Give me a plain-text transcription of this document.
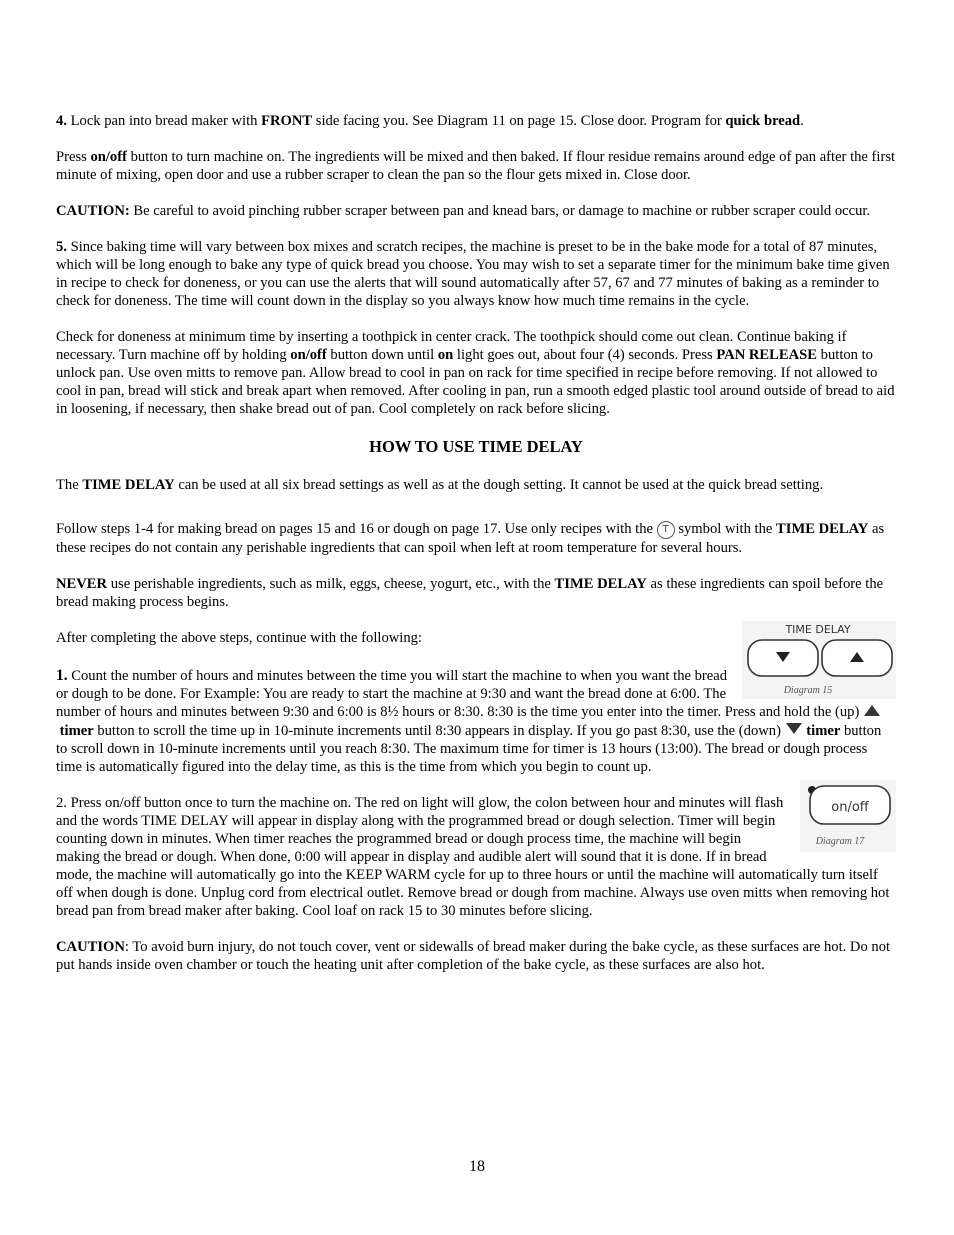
4. Lock pan into bread maker with FRONT side facing you. See Diagram 11 on page 15. Close door. Program for quick bread.

Press on/off button to turn machine on. The ingredients will be mixed and then baked. If flour residue remains around edge of pan after the first minute of mixing, open door and use a rubber scraper to clean the pan so the flour gets mixed in. Close door.

CAUTION: Be careful to avoid pinching rubber scraper between pan and knead bars, or damage to machine or rubber scraper could occur.

5. Since baking time will vary between box mixes and scratch recipes, the machine is preset to be in the bake mode for a total of 87 minutes, which will be long enough to bake any type of quick bread you choose. You may wish to set a separate timer for the minimum bake time given in recipe to check for doneness, or you can use the alerts that will sound automatically after 57, 67 and 77 minutes of baking as a reminder to check for doneness. The time will count down in the display so you always know how much time remains in the cycle.

Check for doneness at minimum time by inserting a toothpick in center crack. The toothpick should come out clean. Continue baking if necessary. Turn machine off by holding on/off button down until on light goes out, about four (4) seconds. Press PAN RELEASE button to unlock pan. Use oven mitts to remove pan. Allow bread to cool in pan on rack for time specified in recipe before removing. If not allowed to cool in pan, bread will stick and break apart when removed. After cooling in pan, run a smooth edged plastic tool around outside of bread to aid in loosening, if necessary, then shake bread out of pan. Cool completely on rack before slicing.

HOW TO USE TIME DELAY

The TIME DELAY can be used at all six bread settings as well as at the dough setting. It cannot be used at the quick bread setting.

Follow steps 1-4 for making bread on pages 15 and 16 or dough on page 17. Use only recipes with the T symbol with the TIME DELAY as these recipes do not contain any perishable ingredients that can spoil when left at room temperature for several hours.

NEVER use perishable ingredients, such as milk, eggs, cheese, yogurt, etc., with the TIME DELAY as these ingredients can spoil before the bread making process begins.

TIME DELAY
Diagram 15

After completing the above steps, continue with the following:

1. Count the number of hours and minutes between the time you will start the machine to when you want the bread or dough to be done. For Example: You are ready to start the machine at 9:30 and want the bread done at 6:00. The number of hours and minutes between 9:30 and 6:00 is 8½ hours or 8:30. 8:30 is the time you enter into the timer. Press and hold the (up)  timer button to scroll the time up in 10-minute increments until 8:30 appears in display. If you go past 8:30, use the (down)  timer button to scroll down in 10-minute increments until you reach 8:30. The maximum time for timer is 13 hours (13:00). The bread or dough process time is automatically figured into the delay time, as this is the time from which you begin to count up.

on/off
Diagram 17

2. Press on/off button once to turn the machine on. The red on light will glow, the colon between hour and minutes will flash and the words TIME DELAY will appear in display along with the programmed bread or dough selection. Timer will begin counting down in minutes. When timer reaches the programmed bread or dough process time, the machine will begin making the bread or dough. When done, 0:00 will appear in display and audible alert will sound that it is done. If in bread mode, the machine will automatically go into the KEEP WARM cycle for up to three hours or until the machine will automatically turn itself off when dough is done. Unplug cord from electrical outlet. Remove bread or dough from machine. Always use oven mitts when removing hot bread pan from bread maker after baking. Cool loaf on rack 15 to 30 minutes before slicing.

CAUTION: To avoid burn injury, do not touch cover, vent or sidewalls of bread maker during the bake cycle, as these surfaces are hot. Do not put hands inside oven chamber or touch the heating unit after completion of the bake cycle, as these surfaces are also hot.

18
